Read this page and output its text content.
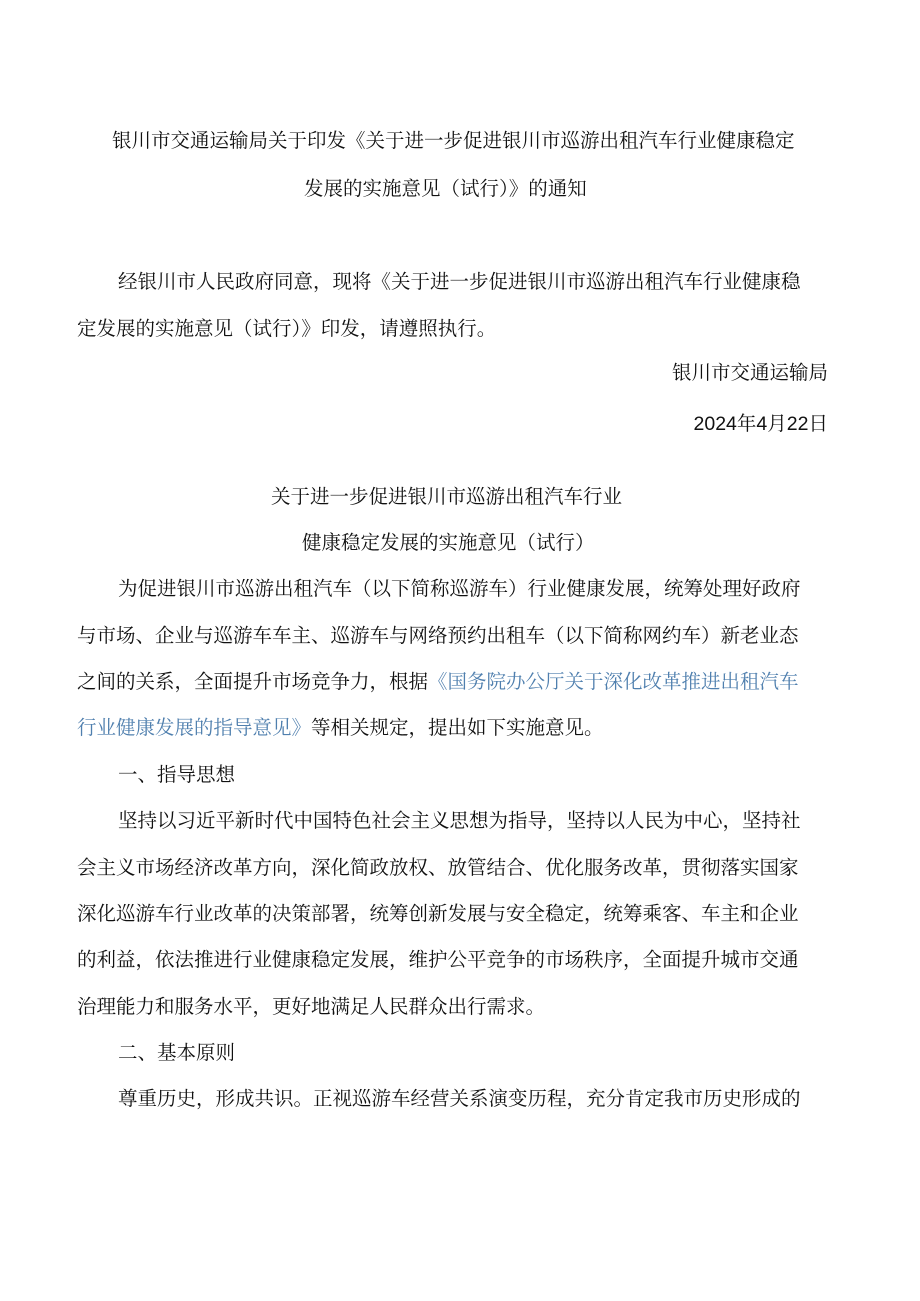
银川市交通运输局关于印发《关于进一步促进银川市巡游出租汽车行业健康稳定

发展的实施意见（试行）》的通知

经银川市人民政府同意，现将《关于进一步促进银川市巡游出租汽车行业健康稳

定发展的实施意见（试行）》印发，请遵照执行。

银川市交通运输局

2024年4月22日

关于进一步促进银川市巡游出租汽车行业

健康稳定发展的实施意见（试行）

为促进银川市巡游出租汽车（以下简称巡游车）行业健康发展，统筹处理好政府

与市场、企业与巡游车车主、巡游车与网络预约出租车（以下简称网约车）新老业态

之间的关系，全面提升市场竞争力，根据《国务院办公厅关于深化改革推进出租汽车

行业健康发展的指导意见》等相关规定，提出如下实施意见。

一、指导思想

坚持以习近平新时代中国特色社会主义思想为指导，坚持以人民为中心，坚持社

会主义市场经济改革方向，深化简政放权、放管结合、优化服务改革，贯彻落实国家

深化巡游车行业改革的决策部署，统筹创新发展与安全稳定，统筹乘客、车主和企业

的利益，依法推进行业健康稳定发展，维护公平竞争的市场秩序，全面提升城市交通

治理能力和服务水平，更好地满足人民群众出行需求。

二、基本原则

尊重历史，形成共识。正视巡游车经营关系演变历程，充分肯定我市历史形成的
